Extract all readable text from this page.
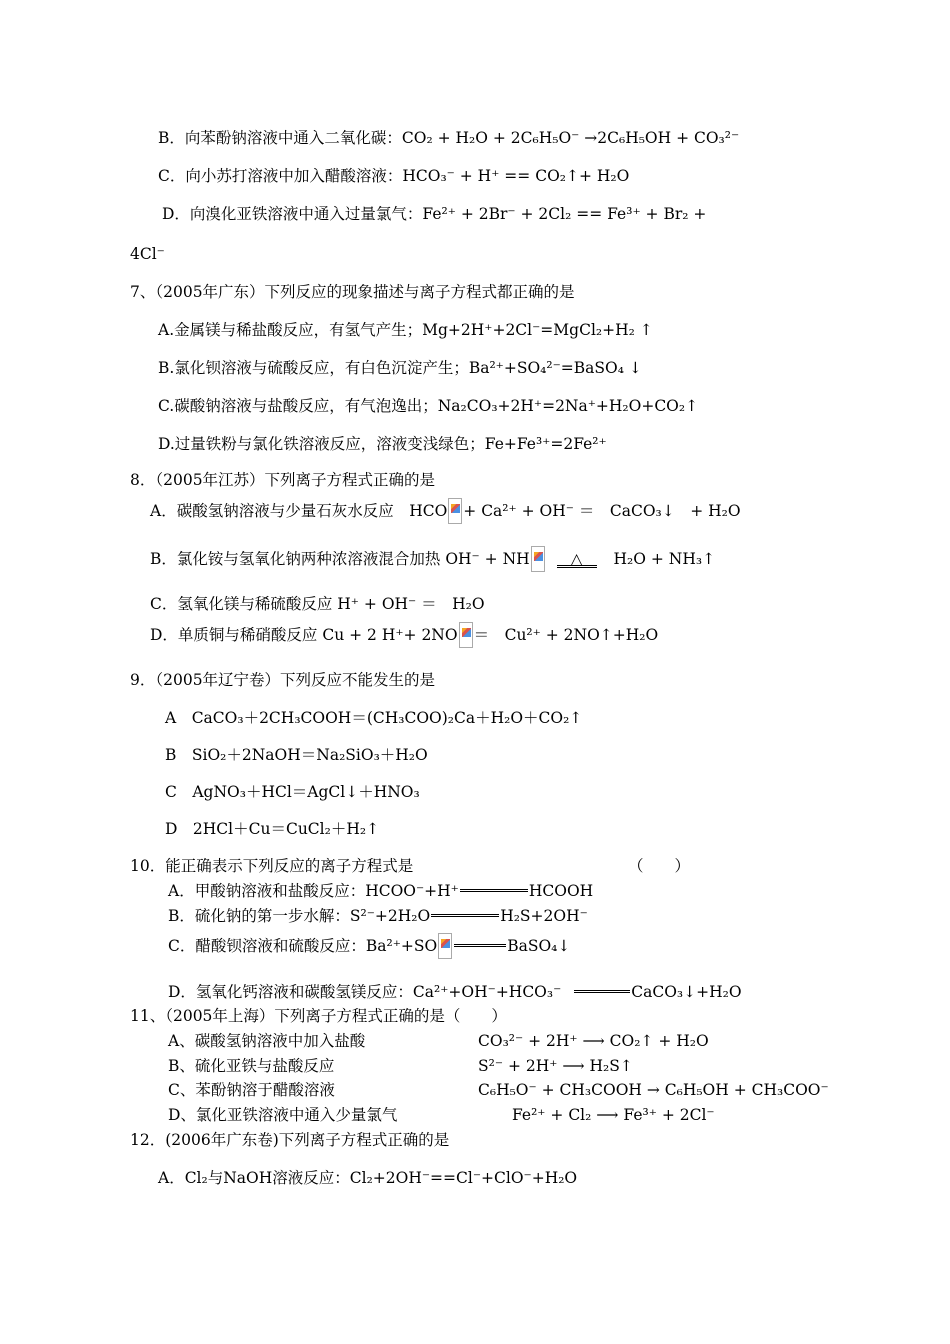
B．向苯酚钠溶液中通入二氧化碳：CO₂ + H₂O + 2C₆H₅O⁻ →2C₆H₅OH + CO₃²⁻
C．向小苏打溶液中加入醋酸溶液：HCO₃⁻ + H⁺ == CO₂↑+ H₂O
D．向溴化亚铁溶液中通入过量氯气：Fe²⁺ + 2Br⁻ + 2Cl₂ == Fe³⁺ + Br₂ +
4Cl⁻
7、（2005年广东）下列反应的现象描述与离子方程式都正确的是
A.金属镁与稀盐酸反应，有氢气产生；Mg+2H⁺+2Cl⁻=MgCl₂+H₂ ↑
B.氯化钡溶液与硫酸反应，有白色沉淀产生；Ba²⁺+SO₄²⁻=BaSO₄ ↓
C.碳酸钠溶液与盐酸反应，有气泡逸出；Na₂CO₃+2H⁺=2Na⁺+H₂O+CO₂↑
D.过量铁粉与氯化铁溶液反应，溶液变浅绿色；Fe+Fe³⁺=2Fe²⁺
8．（2005年江苏）下列离子方程式正确的是
A．碳酸氢钠溶液与少量石灰水反应　HCO + Ca²⁺ + OH⁻ ＝　CaCO₃↓　+ H₂O
B．氯化铵与氢氧化钠两种浓溶液混合加热 OH⁻ + NH	△ H₂O + NH₃↑
C．氢氧化镁与稀硫酸反应 H⁺ + OH⁻ ＝　H₂O
D．单质铜与稀硝酸反应 Cu + 2 H⁺+ 2NO ＝　Cu²⁺ + 2NO↑+H₂O
9．（2005年辽宁卷）下列反应不能发生的是
A　CaCO₃＋2CH₃COOH＝(CH₃COO)₂Ca＋H₂O＋CO₂↑
B　SiO₂＋2NaOH＝Na₂SiO₃＋H₂O
C　AgNO₃＋HCl＝AgCl↓＋HNO₃
D　2HCl＋Cu＝CuCl₂＋H₂↑
10．能正确表示下列反应的离子方程式是	（　　）
A．甲酸钠溶液和盐酸反应：HCOO⁻+H⁺	HCOOH
B．硫化钠的第一步水解：S²⁻+2H₂O	H₂S+2OH⁻
C．醋酸钡溶液和硫酸反应：Ba²⁺+SO	BaSO₄↓
D．氢氧化钙溶液和碳酸氢镁反应：Ca²⁺+OH⁻+HCO₃⁻	CaCO₃↓+H₂O
11、（2005年上海）下列离子方程式正确的是（　　）
A、碳酸氢钠溶液中加入盐酸	CO₃²⁻ + 2H⁺ ⟶ CO₂↑ + H₂O
B、硫化亚铁与盐酸反应	S²⁻ + 2H⁺ ⟶ H₂S↑
C、苯酚钠溶于醋酸溶液	C₆H₅O⁻ + CH₃COOH → C₆H₅OH + CH₃COO⁻
D、氯化亚铁溶液中通入少量氯气	Fe²⁺ + Cl₂ ⟶ Fe³⁺ + 2Cl⁻
12．(2006年广东卷)下列离子方程式正确的是
A．Cl₂与NaOH溶液反应：Cl₂+2OH⁻==Cl⁻+ClO⁻+H₂O
